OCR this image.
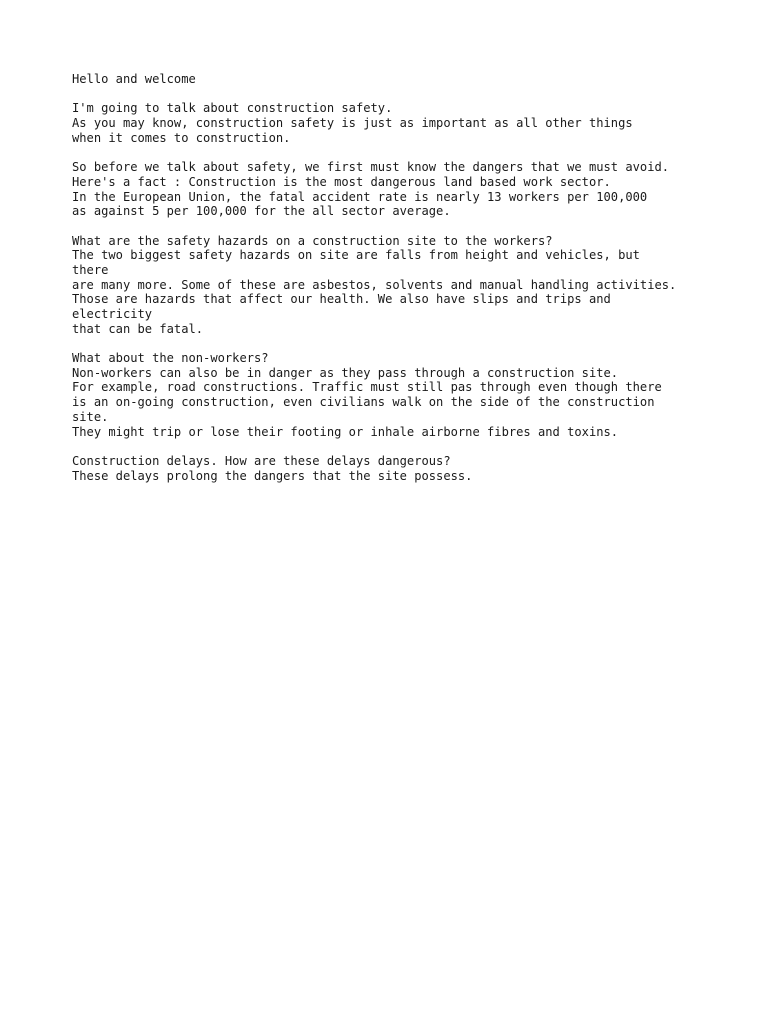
Hello and welcome
I'm going to talk about construction safety.
As you may know, construction safety is just as important as all other things
when it comes to construction.
So before we talk about safety, we first must know the dangers that we must avoid.
Here's a fact : Construction is the most dangerous land based work sector.
In the European Union, the fatal accident rate is nearly 13 workers per 100,000
as against 5 per 100,000 for the all sector average.
What are the safety hazards on a construction site to the workers?
The two biggest safety hazards on site are falls from height and vehicles, but
there
are many more. Some of these are asbestos, solvents and manual handling activities.
Those are hazards that affect our health. We also have slips and trips and
electricity
that can be fatal.
What about the non-workers?
Non-workers can also be in danger as they pass through a construction site.
For example, road constructions. Traffic must still pas through even though there
is an on-going construction, even civilians walk on the side of the construction
site.
They might trip or lose their footing or inhale airborne fibres and toxins.
Construction delays. How are these delays dangerous?
These delays prolong the dangers that the site possess.
